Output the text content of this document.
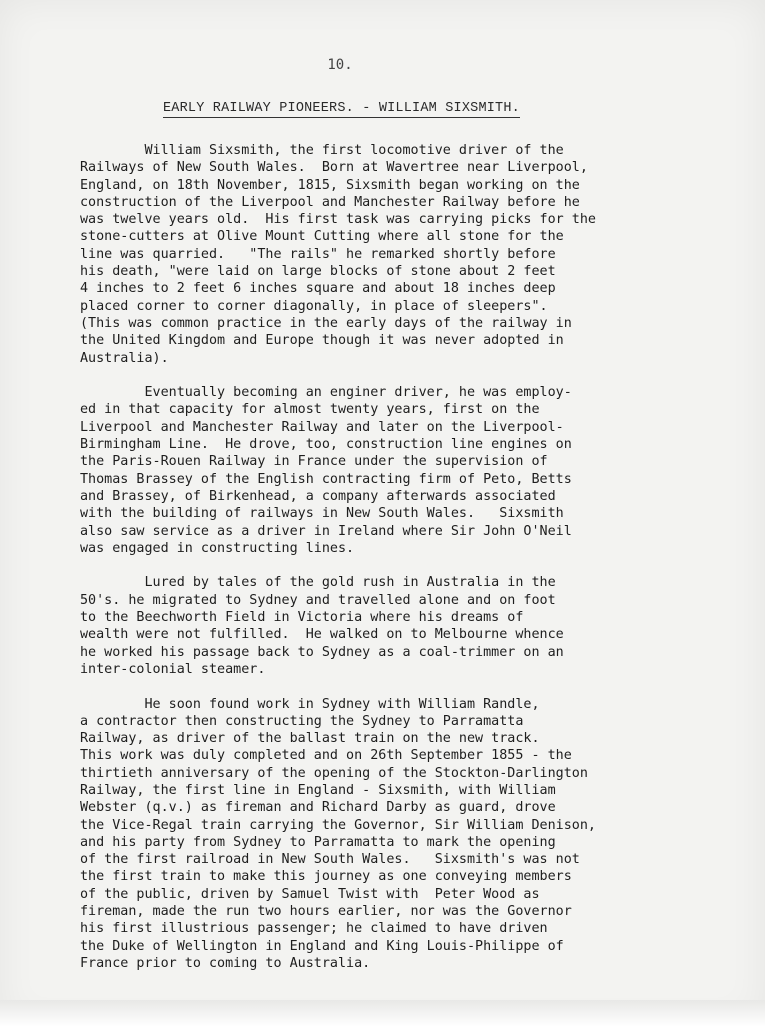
10.
EARLY RAILWAY PIONEERS. - WILLIAM SIXSMITH.

William Sixsmith, the first locomotive driver of the
Railways of New South Wales.  Born at Wavertree near Liverpool,
England, on 18th November, 1815, Sixsmith began working on the
construction of the Liverpool and Manchester Railway before he
was twelve years old.  His first task was carrying picks for the
stone-cutters at Olive Mount Cutting where all stone for the
line was quarried.   "The rails" he remarked shortly before
his death, "were laid on large blocks of stone about 2 feet
4 inches to 2 feet 6 inches square and about 18 inches deep
placed corner to corner diagonally, in place of sleepers".
(This was common practice in the early days of the railway in
the United Kingdom and Europe though it was never adopted in
Australia).

Eventually becoming an enginer driver, he was employ-
ed in that capacity for almost twenty years, first on the
Liverpool and Manchester Railway and later on the Liverpool-
Birmingham Line.  He drove, too, construction line engines on
the Paris-Rouen Railway in France under the supervision of
Thomas Brassey of the English contracting firm of Peto, Betts
and Brassey, of Birkenhead, a company afterwards associated
with the building of railways in New South Wales.   Sixsmith
also saw service as a driver in Ireland where Sir John O'Neil
was engaged in constructing lines.

Lured by tales of the gold rush in Australia in the
50's. he migrated to Sydney and travelled alone and on foot
to the Beechworth Field in Victoria where his dreams of
wealth were not fulfilled.  He walked on to Melbourne whence
he worked his passage back to Sydney as a coal-trimmer on an
inter-colonial steamer.

He soon found work in Sydney with William Randle,
a contractor then constructing the Sydney to Parramatta
Railway, as driver of the ballast train on the new track.
This work was duly completed and on 26th September 1855 - the
thirtieth anniversary of the opening of the Stockton-Darlington
Railway, the first line in England - Sixsmith, with William
Webster (q.v.) as fireman and Richard Darby as guard, drove
the Vice-Regal train carrying the Governor, Sir William Denison,
and his party from Sydney to Parramatta to mark the opening
of the first railroad in New South Wales.   Sixsmith's was not
the first train to make this journey as one conveying members
of the public, driven by Samuel Twist with  Peter Wood as
fireman, made the run two hours earlier, nor was the Governor
his first illustrious passenger; he claimed to have driven
the Duke of Wellington in England and King Louis-Philippe of
France prior to coming to Australia.
